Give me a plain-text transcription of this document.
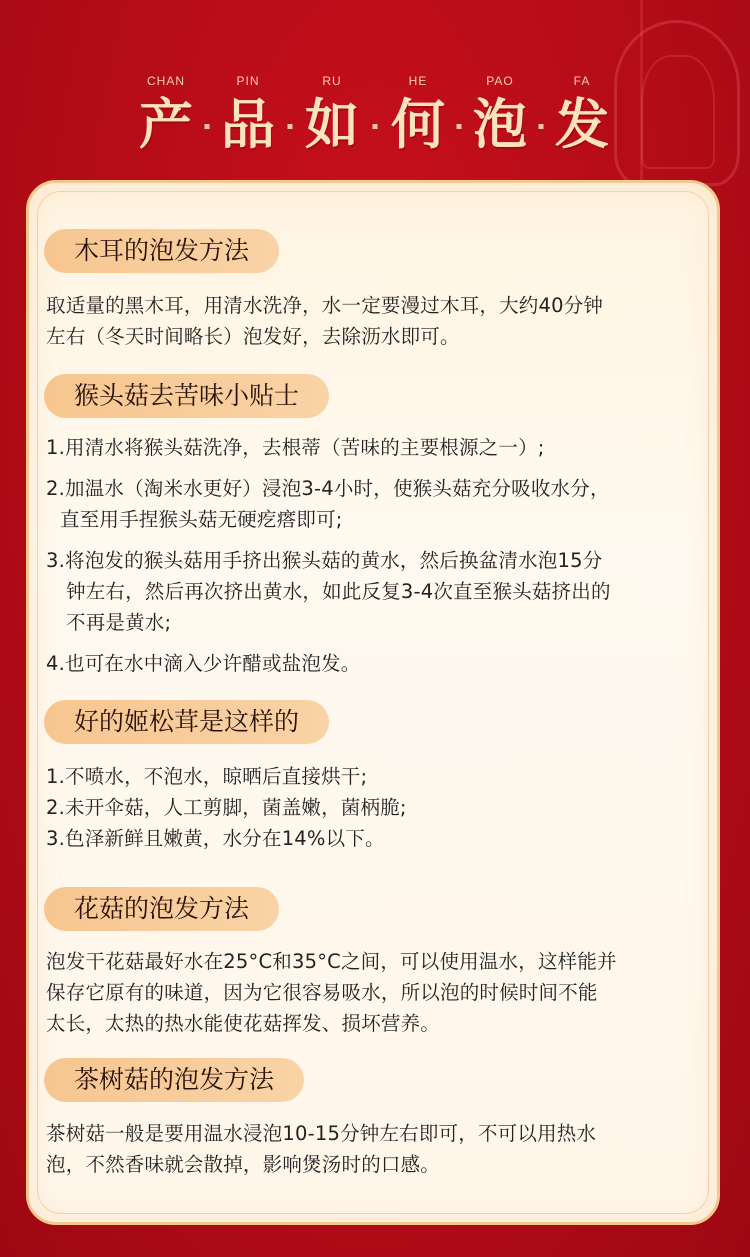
CHAN	PIN	RU	HE	PAO	FA
产 品 如 何 泡 发
木耳的泡发方法
取适量的黑木耳，用清水洗净，水一定要漫过木耳，大约40分钟
左右（冬天时间略长）泡发好，去除沥水即可。
猴头菇去苦味小贴士
1.用清水将猴头菇洗净，去根蒂（苦味的主要根源之一）;
2.加温水（淘米水更好）浸泡3-4小时，使猴头菇充分吸收水分，
直至用手捏猴头菇无硬疙瘩即可;
3.将泡发的猴头菇用手挤出猴头菇的黄水，然后换盆清水泡15分
钟左右，然后再次挤出黄水，如此反复3-4次直至猴头菇挤出的
不再是黄水;
4.也可在水中滴入少许醋或盐泡发。
好的姬松茸是这样的
1.不喷水，不泡水，晾晒后直接烘干;
2.未开伞菇，人工剪脚，菌盖嫩，菌柄脆;
3.色泽新鲜且嫩黄，水分在14%以下。
花菇的泡发方法
泡发干花菇最好水在25°C和35°C之间，可以使用温水，这样能并
保存它原有的味道，因为它很容易吸水，所以泡的时候时间不能
太长，太热的热水能使花菇挥发、损坏营养。
茶树菇的泡发方法
茶树菇一般是要用温水浸泡10-15分钟左右即可，不可以用热水
泡，不然香味就会散掉，影响煲汤时的口感。
